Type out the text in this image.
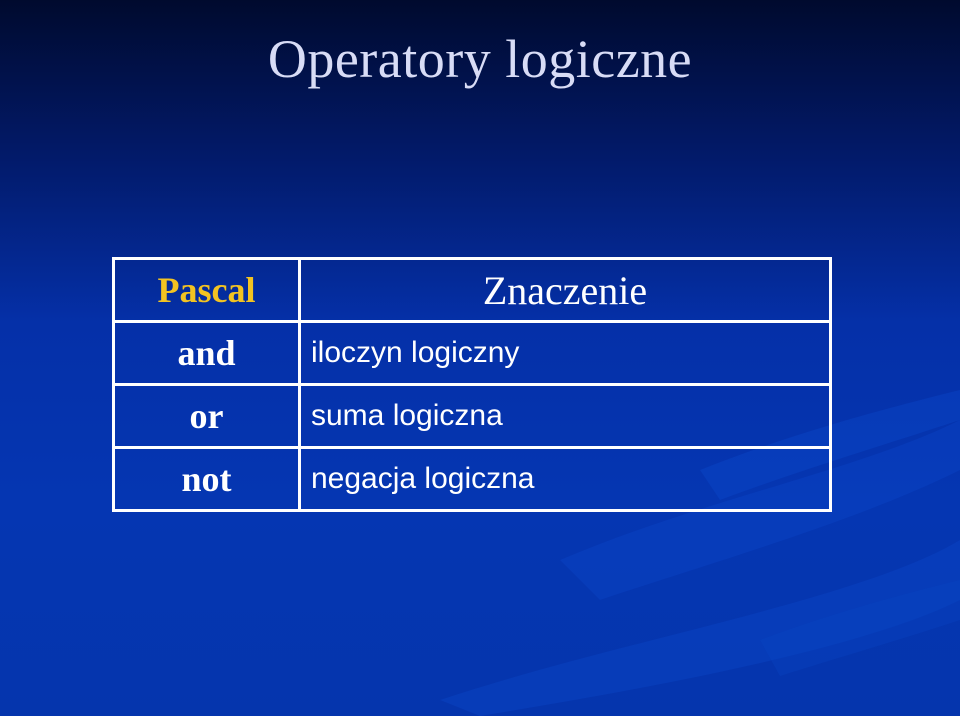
Operatory logiczne
Pascal	Znaczenie
and	iloczyn logiczny
or	suma logiczna
not	negacja logiczna
